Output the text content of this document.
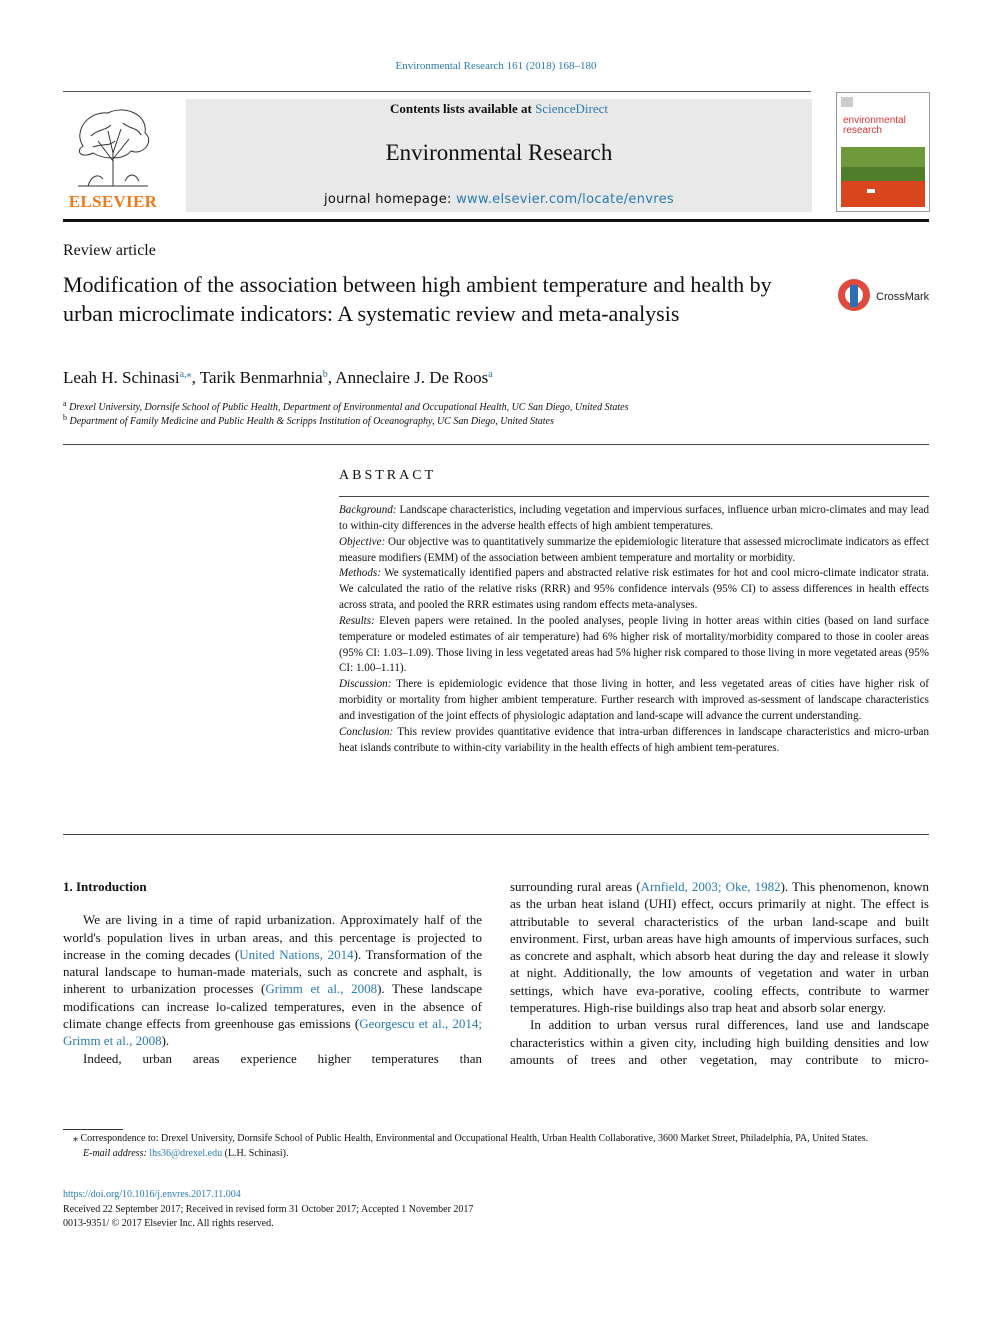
Environmental Research 161 (2018) 168–180
ELSEVIER
Contents lists available at ScienceDirect
Environmental Research
journal homepage: www.elsevier.com/locate/envres
environmental
research
Review article
Modification of the association between high ambient temperature and health by urban microclimate indicators: A systematic review and meta-analysis
CrossMark
Leah H. Schinasi$^{a,⁎}$, Tarik Benmarhnia$^b$, Anneclaire J. De Roos$^a$
$^a$ Drexel University, Dornsife School of Public Health, Department of Environmental and Occupational Health, UC San Diego, United States
$^b$ Department of Family Medicine and Public Health & Scripps Institution of Oceanography, UC San Diego, United States
ABSTRACT

Background: Landscape characteristics, including vegetation and impervious surfaces, influence urban micro-climates and may lead to within-city differences in the adverse health effects of high ambient temperatures.

Objective: Our objective was to quantitatively summarize the epidemiologic literature that assessed microclimate indicators as effect measure modifiers (EMM) of the association between ambient temperature and mortality or morbidity.

Methods: We systematically identified papers and abstracted relative risk estimates for hot and cool micro-climate indicator strata. We calculated the ratio of the relative risks (RRR) and 95% confidence intervals (95% CI) to assess differences in health effects across strata, and pooled the RRR estimates using random effects meta-analyses.

Results: Eleven papers were retained. In the pooled analyses, people living in hotter areas within cities (based on land surface temperature or modeled estimates of air temperature) had 6% higher risk of mortality/morbidity compared to those in cooler areas (95% CI: 1.03–1.09). Those living in less vegetated areas had 5% higher risk compared to those living in more vegetated areas (95% CI: 1.00–1.11).

Discussion: There is epidemiologic evidence that those living in hotter, and less vegetated areas of cities have higher risk of morbidity or mortality from higher ambient temperature. Further research with improved as-sessment of landscape characteristics and investigation of the joint effects of physiologic adaptation and land-scape will advance the current understanding.

Conclusion: This review provides quantitative evidence that intra-urban differences in landscape characteristics and micro-urban heat islands contribute to within-city variability in the health effects of high ambient tem-peratures.

1. Introduction

We are living in a time of rapid urbanization. Approximately half of the world's population lives in urban areas, and this percentage is projected to increase in the coming decades (United Nations, 2014). Transformation of the natural landscape to human-made materials, such as concrete and asphalt, is inherent to urbanization processes (Grimm et al., 2008). These landscape modifications can increase lo-calized temperatures, even in the absence of climate change effects from greenhouse gas emissions (Georgescu et al., 2014; Grimm et al., 2008).

Indeed, urban areas experience higher temperatures than

surrounding rural areas (Arnfield, 2003; Oke, 1982). This phenomenon, known as the urban heat island (UHI) effect, occurs primarily at night. The effect is attributable to several characteristics of the urban land-scape and built environment. First, urban areas have high amounts of impervious surfaces, such as concrete and asphalt, which absorb heat during the day and release it slowly at night. Additionally, the low amounts of vegetation and water in urban settings, which have eva-porative, cooling effects, contribute to warmer temperatures. High-rise buildings also trap heat and absorb solar energy.

In addition to urban versus rural differences, land use and landscape characteristics within a given city, including high building densities and low amounts of trees and other vegetation, may contribute to micro-

⁎ Correspondence to: Drexel University, Dornsife School of Public Health, Environmental and Occupational Health, Urban Health Collaborative, 3600 Market Street, Philadelphia, PA, United States.

E-mail address: lhs36@drexel.edu (L.H. Schinasi).

https://doi.org/10.1016/j.envres.2017.11.004

Received 22 September 2017; Received in revised form 31 October 2017; Accepted 1 November 2017

0013-9351/ © 2017 Elsevier Inc. All rights reserved.
